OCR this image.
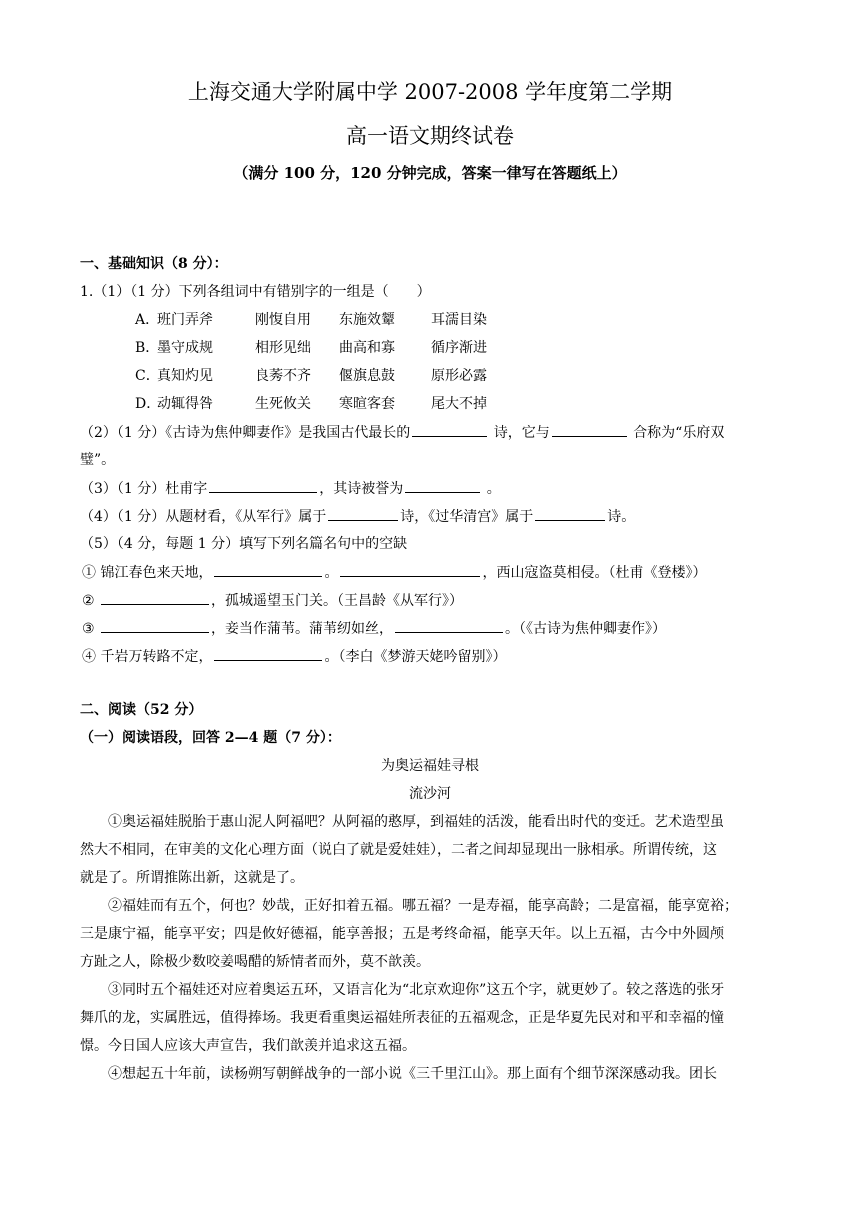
上海交通大学附属中学 2007-2008 学年度第二学期
高一语文期终试卷
（满分 100 分，120 分钟完成，答案一律写在答题纸上）
一、基础知识（8 分）：
1.（1）（1 分）下列各组词中有错别字的一组是（　　）
A．班门弄斧	刚愎自用 东施效颦	耳濡目染
B．墨守成规	相形见绌 曲高和寡	循序渐进
C．真知灼见	良莠不齐 偃旗息鼓	原形必露
D．动辄得咎	生死攸关 寒暄客套	尾大不掉
（2）（1 分）《古诗为焦仲卿妻作》是我国古代最长的	诗，它与	合称为“乐府双
璧”。
（3）（1 分）杜甫字	，其诗被誉为	。
（4）（1 分）从题材看，《从军行》属于	诗，《过华清宫》属于	诗。
（5）（4 分，每题 1 分）填写下列名篇名句中的空缺
① 锦江春色来天地，	。	，西山寇盗莫相侵。（杜甫《登楼》）
②	，孤城遥望玉门关。（王昌龄《从军行》）
③	，妾当作蒲苇。蒲苇纫如丝，	。（《古诗为焦仲卿妻作》）
④ 千岩万转路不定，	。（李白《梦游天姥吟留别》）
二、阅读（52 分）
（一）阅读语段，回答 2—4 题（7 分）：
为奥运福娃寻根
流沙河
①奥运福娃脱胎于惠山泥人阿福吧？从阿福的憨厚，到福娃的活泼，能看出时代的变迁。艺术造型虽
然大不相同，在审美的文化心理方面（说白了就是爱娃娃），二者之间却显现出一脉相承。所谓传统，这
就是了。所谓推陈出新，这就是了。
②福娃而有五个，何也？妙哉，正好扣着五福。哪五福？一是寿福，能享高龄；二是富福，能享宽裕；
三是康宁福，能享平安；四是攸好德福，能享善报；五是考终命福，能享天年。以上五福，古今中外圆颅
方趾之人，除极少数咬姜喝醋的矫情者而外，莫不歆羡。
③同时五个福娃还对应着奥运五环，又语言化为“北京欢迎你”这五个字，就更妙了。较之落选的张牙
舞爪的龙，实属胜远，值得捧场。我更看重奥运福娃所表征的五福观念，正是华夏先民对和平和幸福的憧
憬。今日国人应该大声宣告，我们歆羡并追求这五福。
④想起五十年前，读杨朔写朝鲜战争的一部小说《三千里江山》。那上面有个细节深深感动我。团长
